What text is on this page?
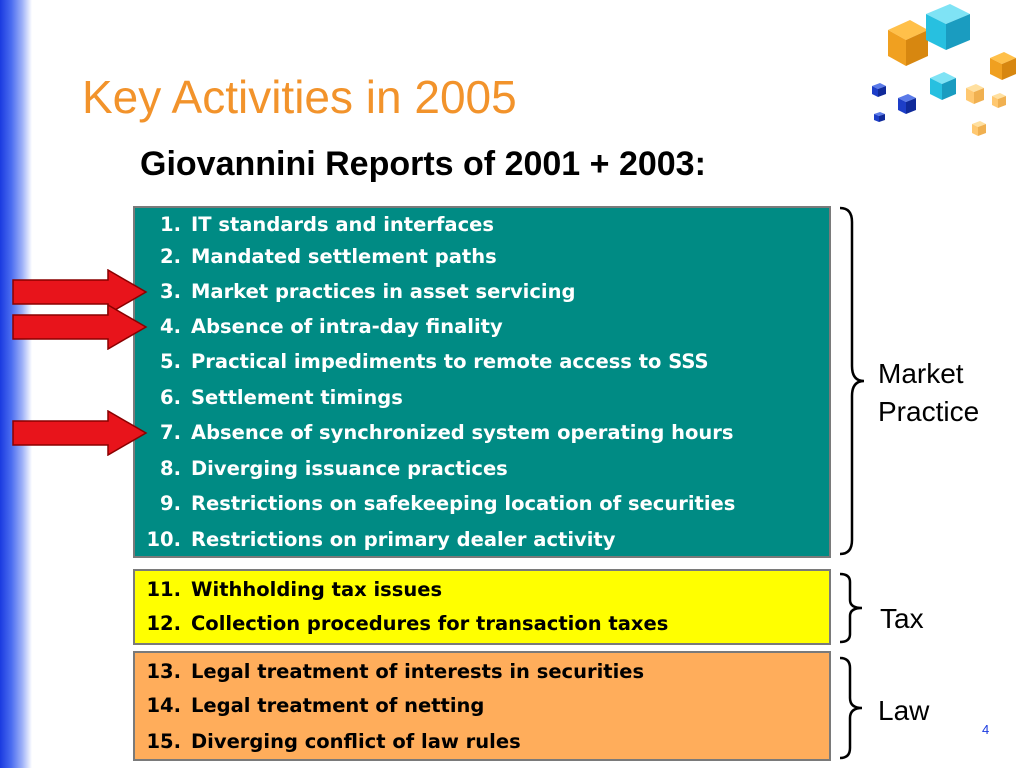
Key Activities in 2005
Giovannini Reports of 2001 + 2003:
1. IT standards and interfaces
2. Mandated settlement paths
3. Market practices in asset servicing
4. Absence of intra-day finality
5. Practical impediments to remote access to SSS
6. Settlement timings
7. Absence of synchronized system operating hours
8. Diverging issuance practices
9. Restrictions on safekeeping location of securities
10. Restrictions on primary dealer activity
11. Withholding tax issues
12. Collection procedures for transaction taxes
13. Legal treatment of interests in securities
14. Legal treatment of netting
15. Diverging conflict of law rules
Market
Practice
Tax
Law
4
